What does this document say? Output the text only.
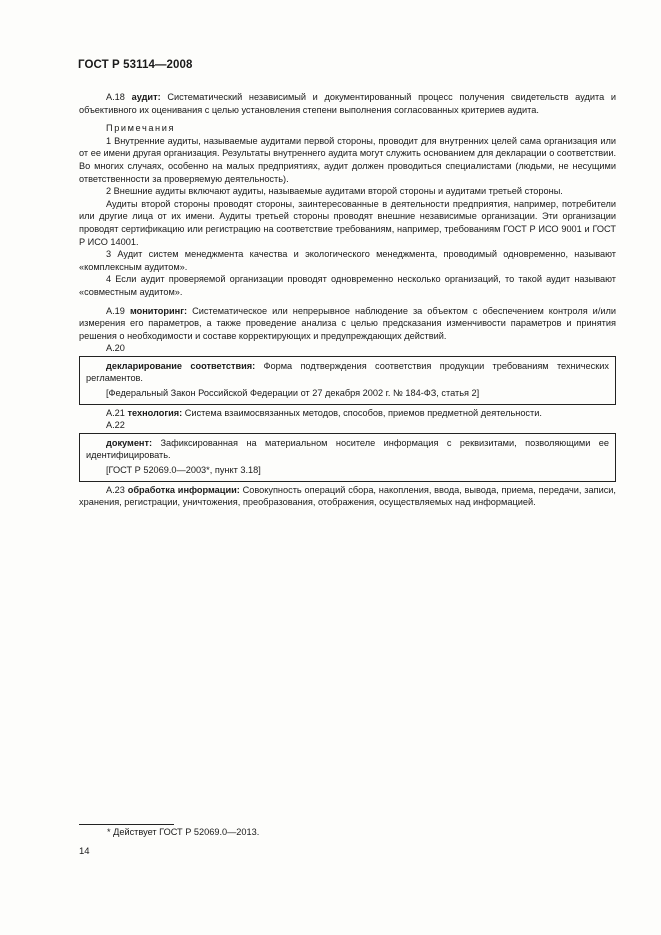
ГОСТ Р 53114—2008

А.18 аудит: Систематический независимый и документированный процесс получения свидетельств аудита и объективного их оценивания с целью установления степени выполнения согласованных критериев аудита.

Примечания

1 Внутренние аудиты, называемые аудитами первой стороны, проводит для внутренних целей сама организация или от ее имени другая организация. Результаты внутреннего аудита могут служить основанием для декларации о соответствии. Во многих случаях, особенно на малых предприятиях, аудит должен проводиться специалистами (людьми, не несущими ответственности за проверяемую деятельность).

2 Внешние аудиты включают аудиты, называемые аудитами второй стороны и аудитами третьей стороны.

Аудиты второй стороны проводят стороны, заинтересованные в деятельности предприятия, например, потребители или другие лица от их имени. Аудиты третьей стороны проводят внешние независимые организации. Эти организации проводят сертификацию или регистрацию на соответствие требованиям, например, требованиям ГОСТ Р ИСО 9001 и ГОСТ Р ИСО 14001.

3 Аудит систем менеджмента качества и экологического менеджмента, проводимый одновременно, называют «комплексным аудитом».

4 Если аудит проверяемой организации проводят одновременно несколько организаций, то такой аудит называют «совместным аудитом».

А.19 мониторинг: Систематическое или непрерывное наблюдение за объектом с обеспечением контроля и/или измерения его параметров, а также проведение анализа с целью предсказания изменчивости параметров и принятия решения о необходимости и составе корректирующих и предупреждающих действий.

А.20

декларирование соответствия: Форма подтверждения соответствия продукции требованиям технических регламентов.

[Федеральный Закон Российской Федерации от 27 декабря 2002 г. № 184-ФЗ, статья 2]

А.21 технология: Система взаимосвязанных методов, способов, приемов предметной деятельности.

А.22

документ: Зафиксированная на материальном носителе информация с реквизитами, позволяющими ее идентифицировать.

[ГОСТ Р 52069.0—2003*, пункт 3.18]

А.23 обработка информации: Совокупность операций сбора, накопления, ввода, вывода, приема, передачи, записи, хранения, регистрации, уничтожения, преобразования, отображения, осуществляемых над информацией.

* Действует ГОСТ Р 52069.0—2013.
14
